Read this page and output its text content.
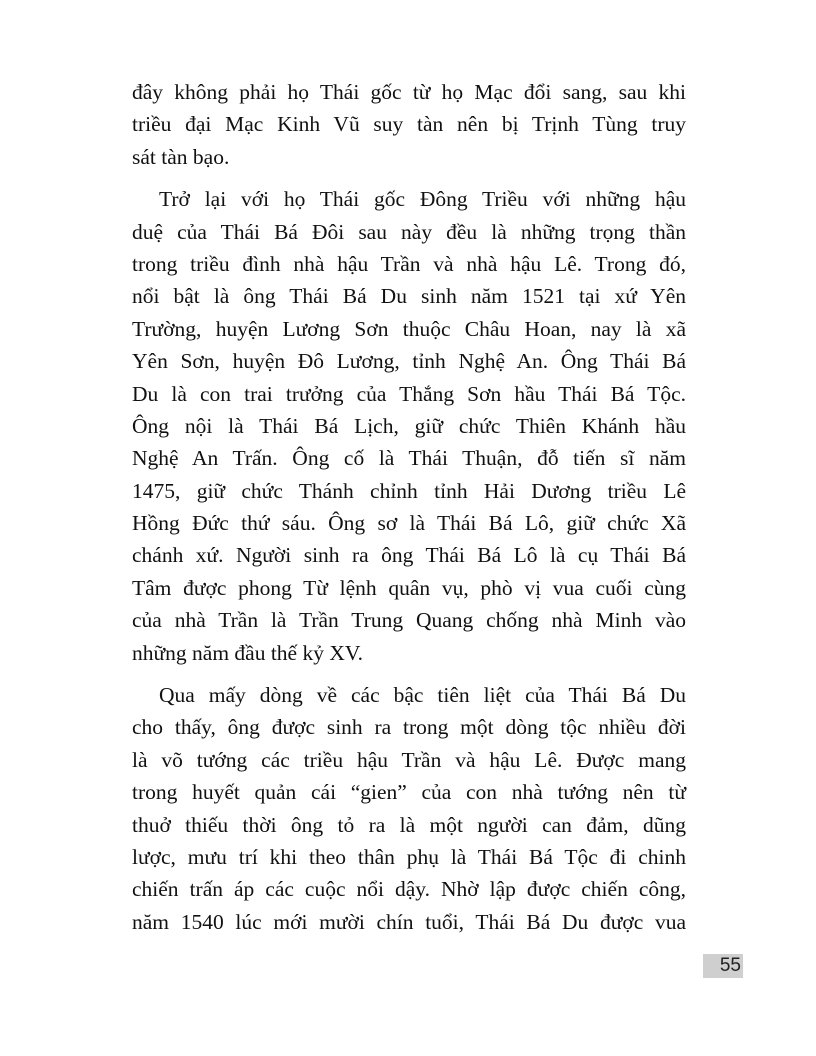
đây không phải họ Thái gốc từ họ Mạc đổi sang, sau khi
triều đại Mạc Kinh Vũ suy tàn nên bị Trịnh Tùng truy
sát tàn bạo.
Trở lại với họ Thái gốc Đông Triều với những hậu
duệ của Thái Bá Đôi sau này đều là những trọng thần
trong triều đình nhà hậu Trần và nhà hậu Lê. Trong đó,
nổi bật là ông Thái Bá Du sinh năm 1521 tại xứ Yên
Trường, huyện Lương Sơn thuộc Châu Hoan, nay là xã
Yên Sơn, huyện Đô Lương, tỉnh Nghệ An. Ông Thái Bá
Du là con trai trưởng của Thắng Sơn hầu Thái Bá Tộc.
Ông nội là Thái Bá Lịch, giữ chức Thiên Khánh hầu
Nghệ An Trấn. Ông cố là Thái Thuận, đỗ tiến sĩ năm
1475, giữ chức Thánh chỉnh tỉnh Hải Dương triều Lê
Hồng Đức thứ sáu. Ông sơ là Thái Bá Lô, giữ chức Xã
chánh xứ. Người sinh ra ông Thái Bá Lô là cụ Thái Bá
Tâm được phong Từ lệnh quân vụ, phò vị vua cuối cùng
của nhà Trần là Trần Trung Quang chống nhà Minh vào
những năm đầu thế kỷ XV.
Qua mấy dòng về các bậc tiên liệt của Thái Bá Du
cho thấy, ông được sinh ra trong một dòng tộc nhiều đời
là võ tướng các triều hậu Trần và hậu Lê. Được mang
trong huyết quản cái “gien” của con nhà tướng nên từ
thuở thiếu thời ông tỏ ra là một người can đảm, dũng
lược, mưu trí khi theo thân phụ là Thái Bá Tộc đi chinh
chiến trấn áp các cuộc nổi dậy. Nhờ lập được chiến công,
năm 1540 lúc mới mười chín tuổi, Thái Bá Du được vua
55
